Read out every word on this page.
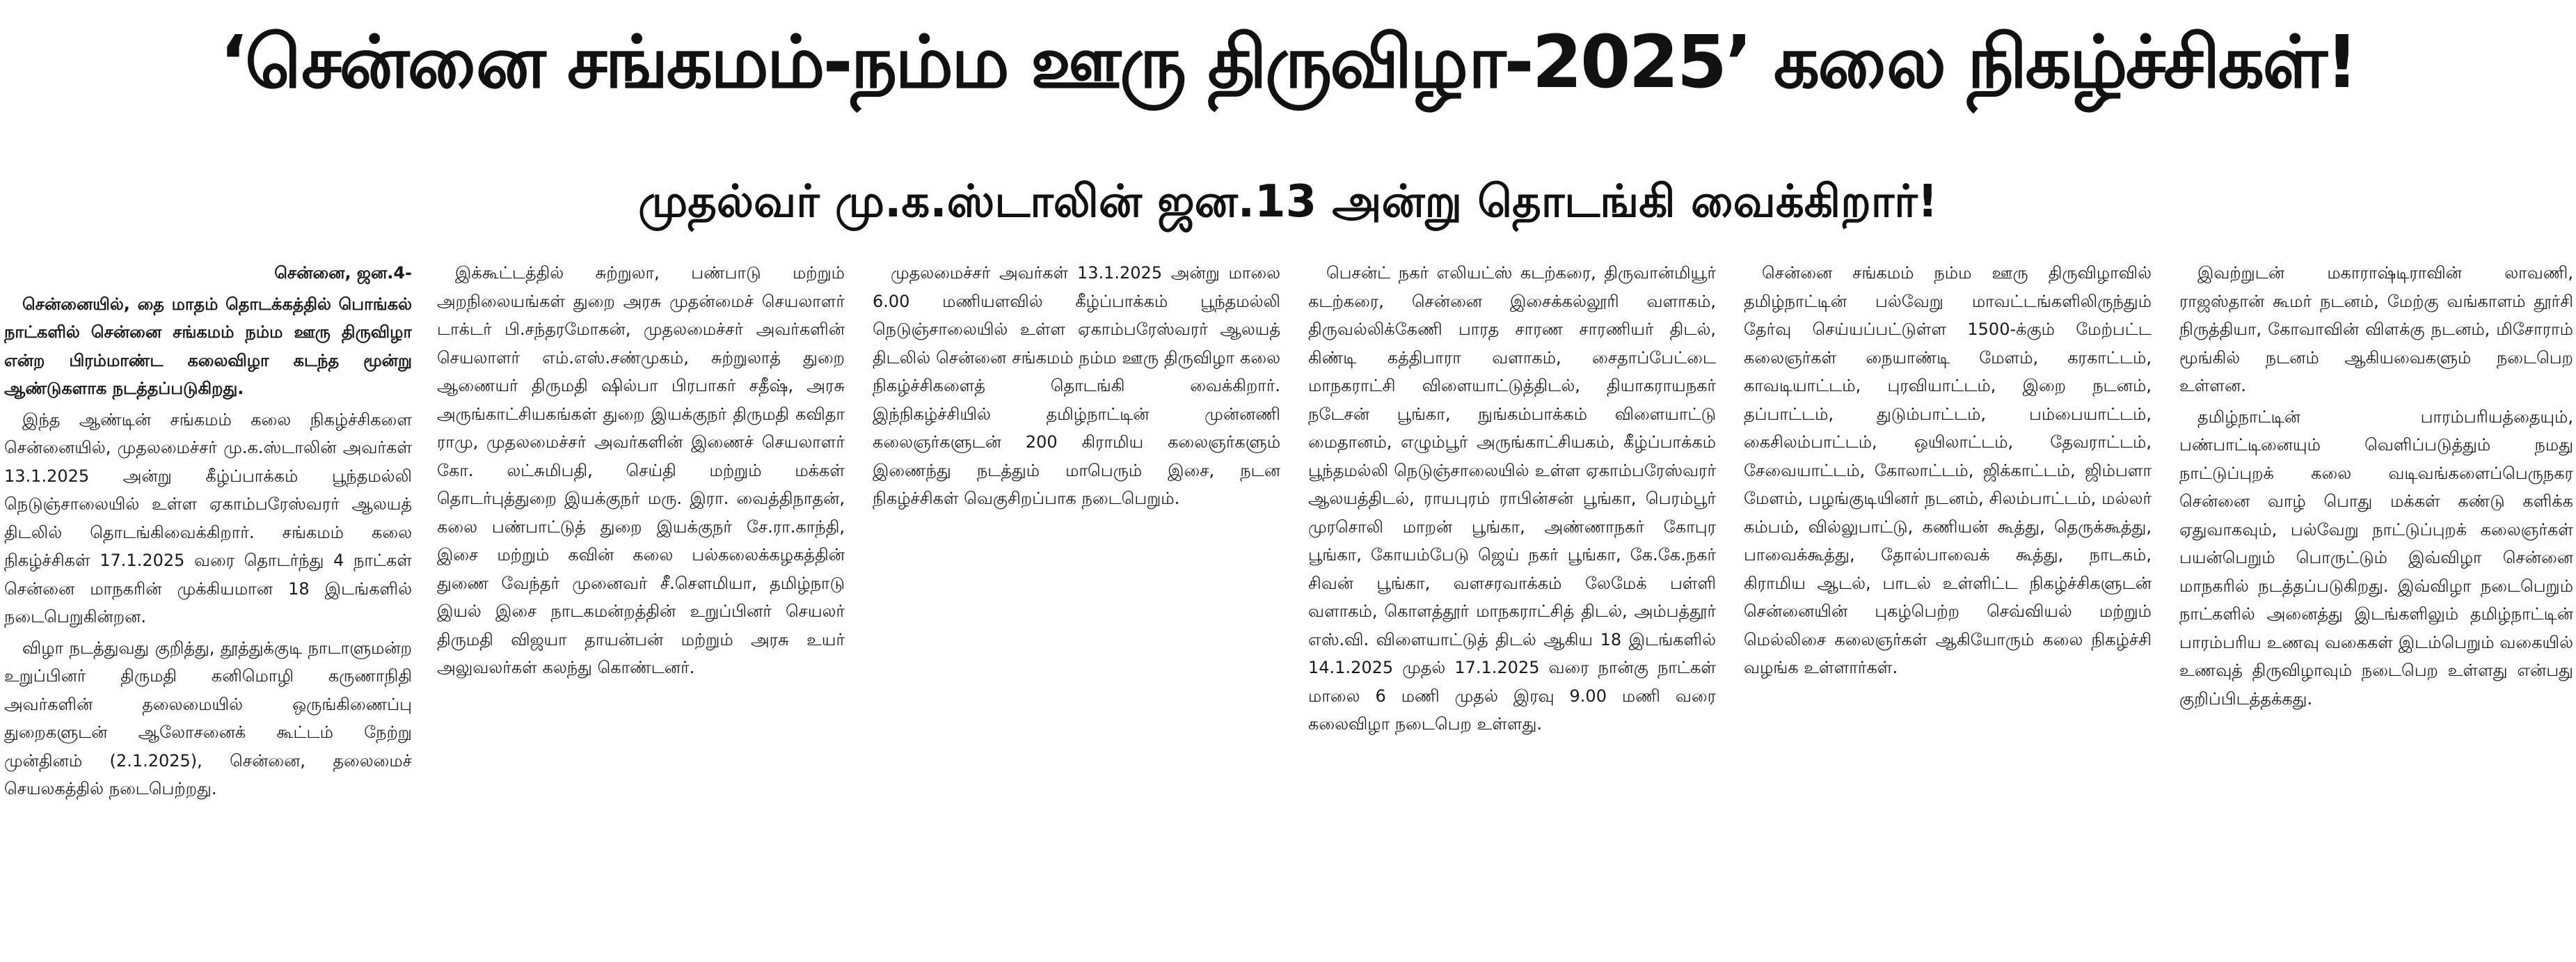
‘சென்னை சங்கமம்-நம்ம ஊரு திருவிழா-2025’ கலை நிகழ்ச்சிகள்!
முதல்வர் மு.க.ஸ்டாலின் ஜன.13 அன்று தொடங்கி வைக்கிறார்!

சென்னை, ஜன.4-

சென்னையில், தை மாதம் தொடக்கத்தில் பொங்கல் நாட்களில் சென்னை சங்கமம் நம்ம ஊரு திருவிழா என்ற பிரம்மாண்ட கலைவிழா கடந்த மூன்று ஆண்டுகளாக நடத்தப்படுகிறது.

இந்த ஆண்டின் சங்கமம் கலை நிகழ்ச்சிகளை சென்னையில், முதலமைச்சர் மு.க.ஸ்டாலின் அவர்கள் 13.1.2025 அன்று கீழ்ப்பாக்கம் பூந்தமல்லி நெடுஞ்சாலையில் உள்ள ஏகாம்பரேஸ்வரர் ஆலயத் திடலில் தொடங்கிவைக்கிறார். சங்கமம் கலை நிகழ்ச்சிகள் 17.1.2025 வரை தொடர்ந்து 4 நாட்கள் சென்னை மாநகரின் முக்கியமான 18 இடங்களில் நடைபெறுகின்றன.

விழா நடத்துவது குறித்து, தூத்துக்குடி நாடாளுமன்ற உறுப்பினர் திருமதி கனிமொழி கருணாநிதி அவர்களின் தலைமையில் ஒருங்கிணைப்பு துறைகளுடன் ஆலோசனைக் கூட்டம் நேற்று முன்தினம் (2.1.2025), சென்னை, தலைமைச் செயலகத்தில் நடைபெற்றது.

இக்கூட்டத்தில் சுற்றுலா, பண்பாடு மற்றும் அறநிலையங்கள் துறை அரசு முதன்மைச் செயலாளர் டாக்டர் பி.சந்தரமோகன், முதலமைச்சர் அவர்களின் செயலாளர் எம்.எஸ்.சண்முகம், சுற்றுலாத் துறை ஆணையர் திருமதி ஷில்பா பிரபாகர் சதீஷ், அரசு அருங்காட்சியகங்கள் துறை இயக்குநர் திருமதி கவிதா ராமு, முதலமைச்சர் அவர்களின் இணைச் செயலாளர் கோ. லட்சுமிபதி, செய்தி மற்றும் மக்கள் தொடர்புத்துறை இயக்குநர் மரு. இரா. வைத்திநாதன், கலை பண்பாட்டுத் துறை இயக்குநர் சே.ரா.காந்தி, இசை மற்றும் கவின் கலை பல்கலைக்கழகத்தின் துணை வேந்தர் முனைவர் சீ.சௌமியா, தமிழ்நாடு இயல் இசை நாடகமன்றத்தின் உறுப்பினர் செயலர் திருமதி விஜயா தாயன்பன் மற்றும் அரசு உயர் அலுவலர்கள் கலந்து கொண்டனர்.

முதலமைச்சர் அவர்கள் 13.1.2025 அன்று மாலை 6.00 மணியளவில் கீழ்ப்பாக்கம் பூந்தமல்லி நெடுஞ்சாலையில் உள்ள ஏகாம்பரேஸ்வரர் ஆலயத் திடலில் சென்னை சங்கமம் நம்ம ஊரு திருவிழா கலை நிகழ்ச்சிகளைத் தொடங்கி வைக்கிறார். இந்நிகழ்ச்சியில் தமிழ்நாட்டின் முன்னணி கலைஞர்களுடன் 200 கிராமிய கலைஞர்களும் இணைந்து நடத்தும் மாபெரும் இசை, நடன நிகழ்ச்சிகள் வெகுசிறப்பாக நடைபெறும்.

பெசன்ட் நகர் எலியட்ஸ் கடற்கரை, திருவான்மியூர் கடற்கரை, சென்னை இசைக்கல்லூரி வளாகம், திருவல்லிக்கேணி பாரத சாரண சாரணியர் திடல், கிண்டி கத்திபாரா வளாகம், சைதாப்பேட்டை மாநகராட்சி விளையாட்டுத்திடல், தியாகராயநகர் நடேசன் பூங்கா, நுங்கம்பாக்கம் விளையாட்டு மைதானம், எழும்பூர் அருங்காட்சியகம், கீழ்ப்பாக்கம் பூந்தமல்லி நெடுஞ்சாலையில் உள்ள ஏகாம்பரேஸ்வரர் ஆலயத்திடல், ராயபுரம் ராபின்சன் பூங்கா, பெரம்பூர் முரசொலி மாறன் பூங்கா, அண்ணாநகர் கோபுர பூங்கா, கோயம்பேடு ஜெய் நகர் பூங்கா, கே.கே.நகர் சிவன் பூங்கா, வளசரவாக்கம் லேமேக் பள்ளி வளாகம், கொளத்தூர் மாநகராட்சித் திடல், அம்பத்தூர் எஸ்.வி. விளையாட்டுத் திடல் ஆகிய 18 இடங்களில் 14.1.2025 முதல் 17.1.2025 வரை நான்கு நாட்கள் மாலை 6 மணி முதல் இரவு 9.00 மணி வரை கலைவிழா நடைபெற உள்ளது.

சென்னை சங்கமம் நம்ம ஊரு திருவிழாவில் தமிழ்நாட்டின் பல்வேறு மாவட்டங்களிலிருந்தும் தேர்வு செய்யப்பட்டுள்ள 1500-க்கும் மேற்பட்ட கலைஞர்கள் நையாண்டி மேளம், கரகாட்டம், காவடியாட்டம், புரவியாட்டம், இறை நடனம், தப்பாட்டம், துடும்பாட்டம், பம்பையாட்டம், கைசிலம்பாட்டம், ஒயிலாட்டம், தேவராட்டம், சேவையாட்டம், கோலாட்டம், ஜிக்காட்டம், ஜிம்பளா மேளம், பழங்குடியினர் நடனம், சிலம்பாட்டம், மல்லர் கம்பம், வில்லுபாட்டு, கணியன் கூத்து, தெருக்கூத்து, பாவைக்கூத்து, தோல்பாவைக் கூத்து, நாடகம், கிராமிய ஆடல், பாடல் உள்ளிட்ட நிகழ்ச்சிகளுடன் சென்னையின் புகழ்பெற்ற செவ்வியல் மற்றும் மெல்லிசை கலைஞர்கள் ஆகியோரும் கலை நிகழ்ச்சி வழங்க உள்ளார்கள்.

இவற்றுடன் மகாராஷ்டிராவின் லாவணி, ராஜஸ்தான் கூமர் நடனம், மேற்கு வங்காளம் தூர்சி நிருத்தியா, கோவாவின் விளக்கு நடனம், மிசோராம் மூங்கில் நடனம் ஆகியவைகளும் நடைபெற உள்ளன.

தமிழ்நாட்டின் பாரம்பரியத்தையும், பண்பாட்டினையும் வெளிப்படுத்தும் நமது நாட்டுப்புறக் கலை வடிவங்களைப்பெருநகர சென்னை வாழ் பொது மக்கள் கண்டு களிக்க ஏதுவாகவும், பல்வேறு நாட்டுப்புறக் கலைஞர்கள் பயன்பெறும் பொருட்டும் இவ்விழா சென்னை மாநகரில் நடத்தப்படுகிறது. இவ்விழா நடைபெறும் நாட்களில் அனைத்து இடங்களிலும் தமிழ்நாட்டின் பாரம்பரிய உணவு வகைகள் இடம்பெறும் வகையில் உணவுத் திருவிழாவும் நடைபெற உள்ளது என்பது குறிப்பிடத்தக்கது.
